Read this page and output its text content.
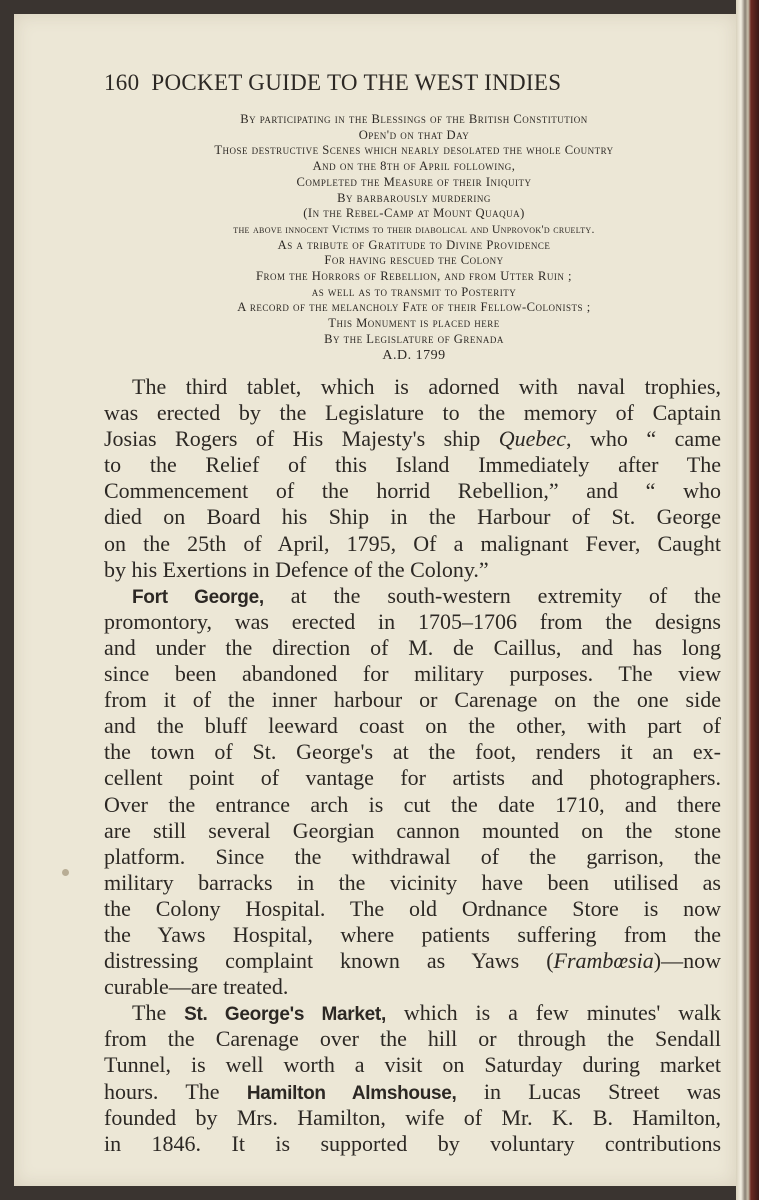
160 POCKET GUIDE TO THE WEST INDIES
By participating in the Blessings of the British Constitution
Open'd on that Day
Those destructive Scenes which nearly desolated the whole Country
And on the 8th of April following,
Completed the Measure of their Iniquity
By barbarously murdering
(In the Rebel-Camp at Mount Quaqua)
the above innocent Victims to their diabolical and Unprovok'd cruelty.
As a tribute of Gratitude to Divine Providence
For having rescued the Colony
From the Horrors of Rebellion, and from Utter Ruin ;
as well as to transmit to Posterity
A record of the melancholy Fate of their Fellow-Colonists ;
This Monument is placed here
By the Legislature of Grenada
A.D. 1799
The third tablet, which is adorned with naval trophies,
was erected by the Legislature to the memory of Captain
Josias Rogers of His Majesty's ship Quebec, who “ came
to the Relief of this Island Immediately after The
Commencement of the horrid Rebellion,” and “ who
died on Board his Ship in the Harbour of St. George
on the 25th of April, 1795, Of a malignant Fever, Caught
by his Exertions in Defence of the Colony.”
Fort George, at the south-western extremity of the
promontory, was erected in 1705–1706 from the designs
and under the direction of M. de Caillus, and has long
since been abandoned for military purposes. The view
from it of the inner harbour or Carenage on the one side
and the bluff leeward coast on the other, with part of
the town of St. George's at the foot, renders it an ex-
cellent point of vantage for artists and photographers.
Over the entrance arch is cut the date 1710, and there
are still several Georgian cannon mounted on the stone
platform. Since the withdrawal of the garrison, the
military barracks in the vicinity have been utilised as
the Colony Hospital. The old Ordnance Store is now
the Yaws Hospital, where patients suffering from the
distressing complaint known as Yaws (Frambœsia)—now
curable—are treated.
The St. George's Market, which is a few minutes' walk
from the Carenage over the hill or through the Sendall
Tunnel, is well worth a visit on Saturday during market
hours. The Hamilton Almshouse, in Lucas Street was
founded by Mrs. Hamilton, wife of Mr. K. B. Hamilton,
in 1846. It is supported by voluntary contributions
